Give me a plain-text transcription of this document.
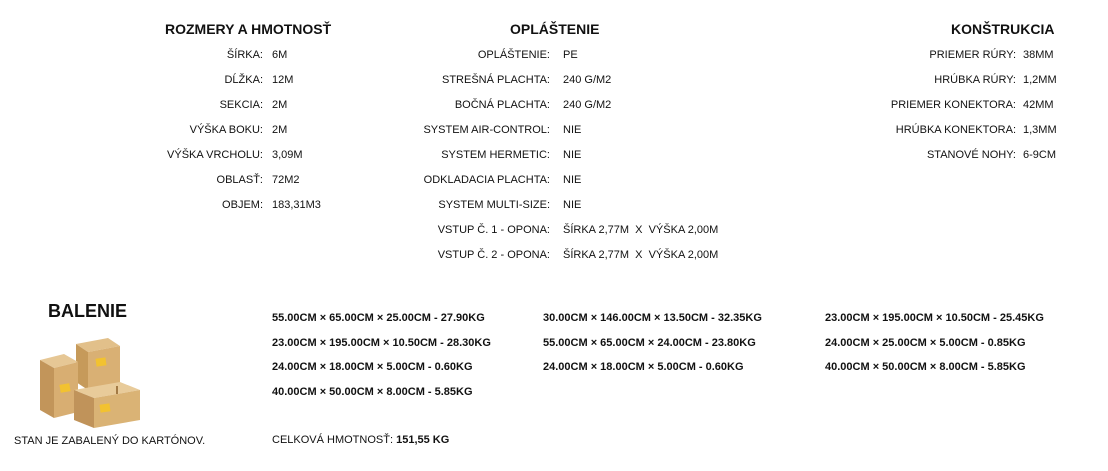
ROZMERY A HMOTNOSŤ	OPLÁŠTENIE	KONŠTRUKCIA
ŠÍRKA: 6M
DĹŽKA: 12M
SEKCIA: 2M
VÝŠKA BOKU: 2M
VÝŠKA VRCHOLU: 3,09M
OBLASŤ: 72M2
OBJEM: 183,31M3
OPLÁŠTENIE: PE
STREŠNÁ PLACHTA: 240 G/M2
BOČNÁ PLACHTA: 240 G/M2
SYSTEM AIR-CONTROL: NIE
SYSTEM HERMETIC: NIE
ODKLADACIA PLACHTA: NIE
SYSTEM MULTI-SIZE: NIE
VSTUP Č. 1 - OPONA: ŠÍRKA 2,77M  X  VÝŠKA 2,00M
VSTUP Č. 2 - OPONA: ŠÍRKA 2,77M  X  VÝŠKA 2,00M
PRIEMER RÚRY: 38MM
HRÚBKA RÚRY: 1,2MM
PRIEMER KONEKTORA: 42MM
HRÚBKA KONEKTORA: 1,3MM
STANOVÉ NOHY: 6-9CM
BALENIE
STAN JE ZABALENÝ DO KARTÓNOV.
55.00CM × 65.00CM × 25.00CM - 27.90KG
23.00CM × 195.00CM × 10.50CM - 28.30KG
24.00CM × 18.00CM × 5.00CM - 0.60KG
40.00CM × 50.00CM × 8.00CM - 5.85KG
30.00CM × 146.00CM × 13.50CM - 32.35KG
55.00CM × 65.00CM × 24.00CM - 23.80KG
24.00CM × 18.00CM × 5.00CM - 0.60KG
23.00CM × 195.00CM × 10.50CM - 25.45KG
24.00CM × 25.00CM × 5.00CM - 0.85KG
40.00CM × 50.00CM × 8.00CM - 5.85KG
CELKOVÁ HMOTNOSŤ: 151,55 KG
